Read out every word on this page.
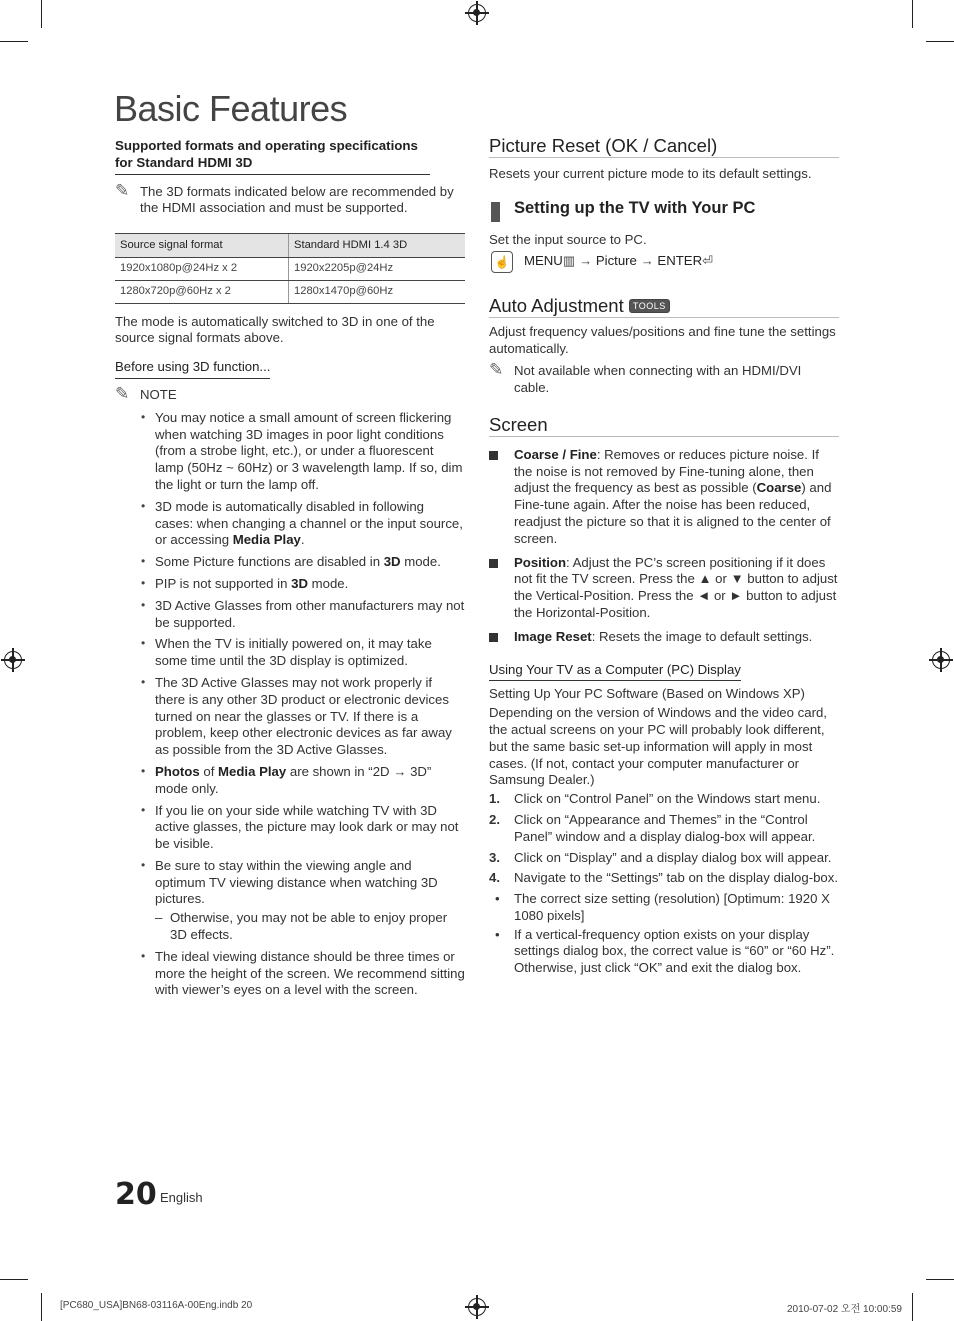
Basic Features
Supported formats and operating specifications for Standard HDMI 3D
✎ The 3D formats indicated below are recommended by the HDMI association and must be supported.
Source signal format	Standard HDMI 1.4 3D
1920x1080p@24Hz x 2	1920x2205p@24Hz
1280x720p@60Hz x 2	1280x1470p@60Hz
The mode is automatically switched to 3D in one of the source signal formats above.
Before using 3D function...
✎ NOTE
• You may notice a small amount of screen flickering when watching 3D images in poor light conditions (from a strobe light, etc.), or under a fluorescent lamp (50Hz ~ 60Hz) or 3 wavelength lamp. If so, dim the light or turn the lamp off.
• 3D mode is automatically disabled in following cases: when changing a channel or the input source, or accessing Media Play.
• Some Picture functions are disabled in 3D mode.
• PIP is not supported in 3D mode.
• 3D Active Glasses from other manufacturers may not be supported.
• When the TV is initially powered on, it may take some time until the 3D display is optimized.
• The 3D Active Glasses may not work properly if there is any other 3D product or electronic devices turned on near the glasses or TV. If there is a problem, keep other electronic devices as far away as possible from the 3D Active Glasses.
• Photos of Media Play are shown in “2D → 3D” mode only.
• If you lie on your side while watching TV with 3D active glasses, the picture may look dark or may not be visible.
• Be sure to stay within the viewing angle and optimum TV viewing distance when watching 3D pictures.
– Otherwise, you may not be able to enjoy proper 3D effects.
• The ideal viewing distance should be three times or more the height of the screen. We recommend sitting with viewer’s eyes on a level with the screen.
Picture Reset (OK / Cancel)
Resets your current picture mode to its default settings.
Setting up the TV with Your PC
Set the input source to PC.
☝ MENU▥ → Picture → ENTER⏎
Auto Adjustment TOOLS
Adjust frequency values/positions and fine tune the settings automatically.
✎ Not available when connecting with an HDMI/DVI cable.
Screen
Coarse / Fine: Removes or reduces picture noise. If the noise is not removed by Fine-tuning alone, then adjust the frequency as best as possible (Coarse) and Fine-tune again. After the noise has been reduced, readjust the picture so that it is aligned to the center of screen.
Position: Adjust the PC’s screen positioning if it does not fit the TV screen. Press the ▲ or ▼ button to adjust the Vertical-Position. Press the ◄ or ► button to adjust the Horizontal-Position.
Image Reset: Resets the image to default settings.
Using Your TV as a Computer (PC) Display
Setting Up Your PC Software (Based on Windows XP)
Depending on the version of Windows and the video card, the actual screens on your PC will probably look different, but the same basic set-up information will apply in most cases. (If not, contact your computer manufacturer or Samsung Dealer.)
1. Click on “Control Panel” on the Windows start menu.
2. Click on “Appearance and Themes” in the “Control Panel” window and a display dialog-box will appear.
3. Click on “Display” and a display dialog box will appear.
4. Navigate to the “Settings” tab on the display dialog-box.
• The correct size setting (resolution) [Optimum: 1920 X 1080 pixels]
• If a vertical-frequency option exists on your display settings dialog box, the correct value is “60” or “60 Hz”. Otherwise, just click “OK” and exit the dialog box.
20 English
[PC680_USA]BN68-03116A-00Eng.indb 20	2010-07-02 오전 10:00:59
